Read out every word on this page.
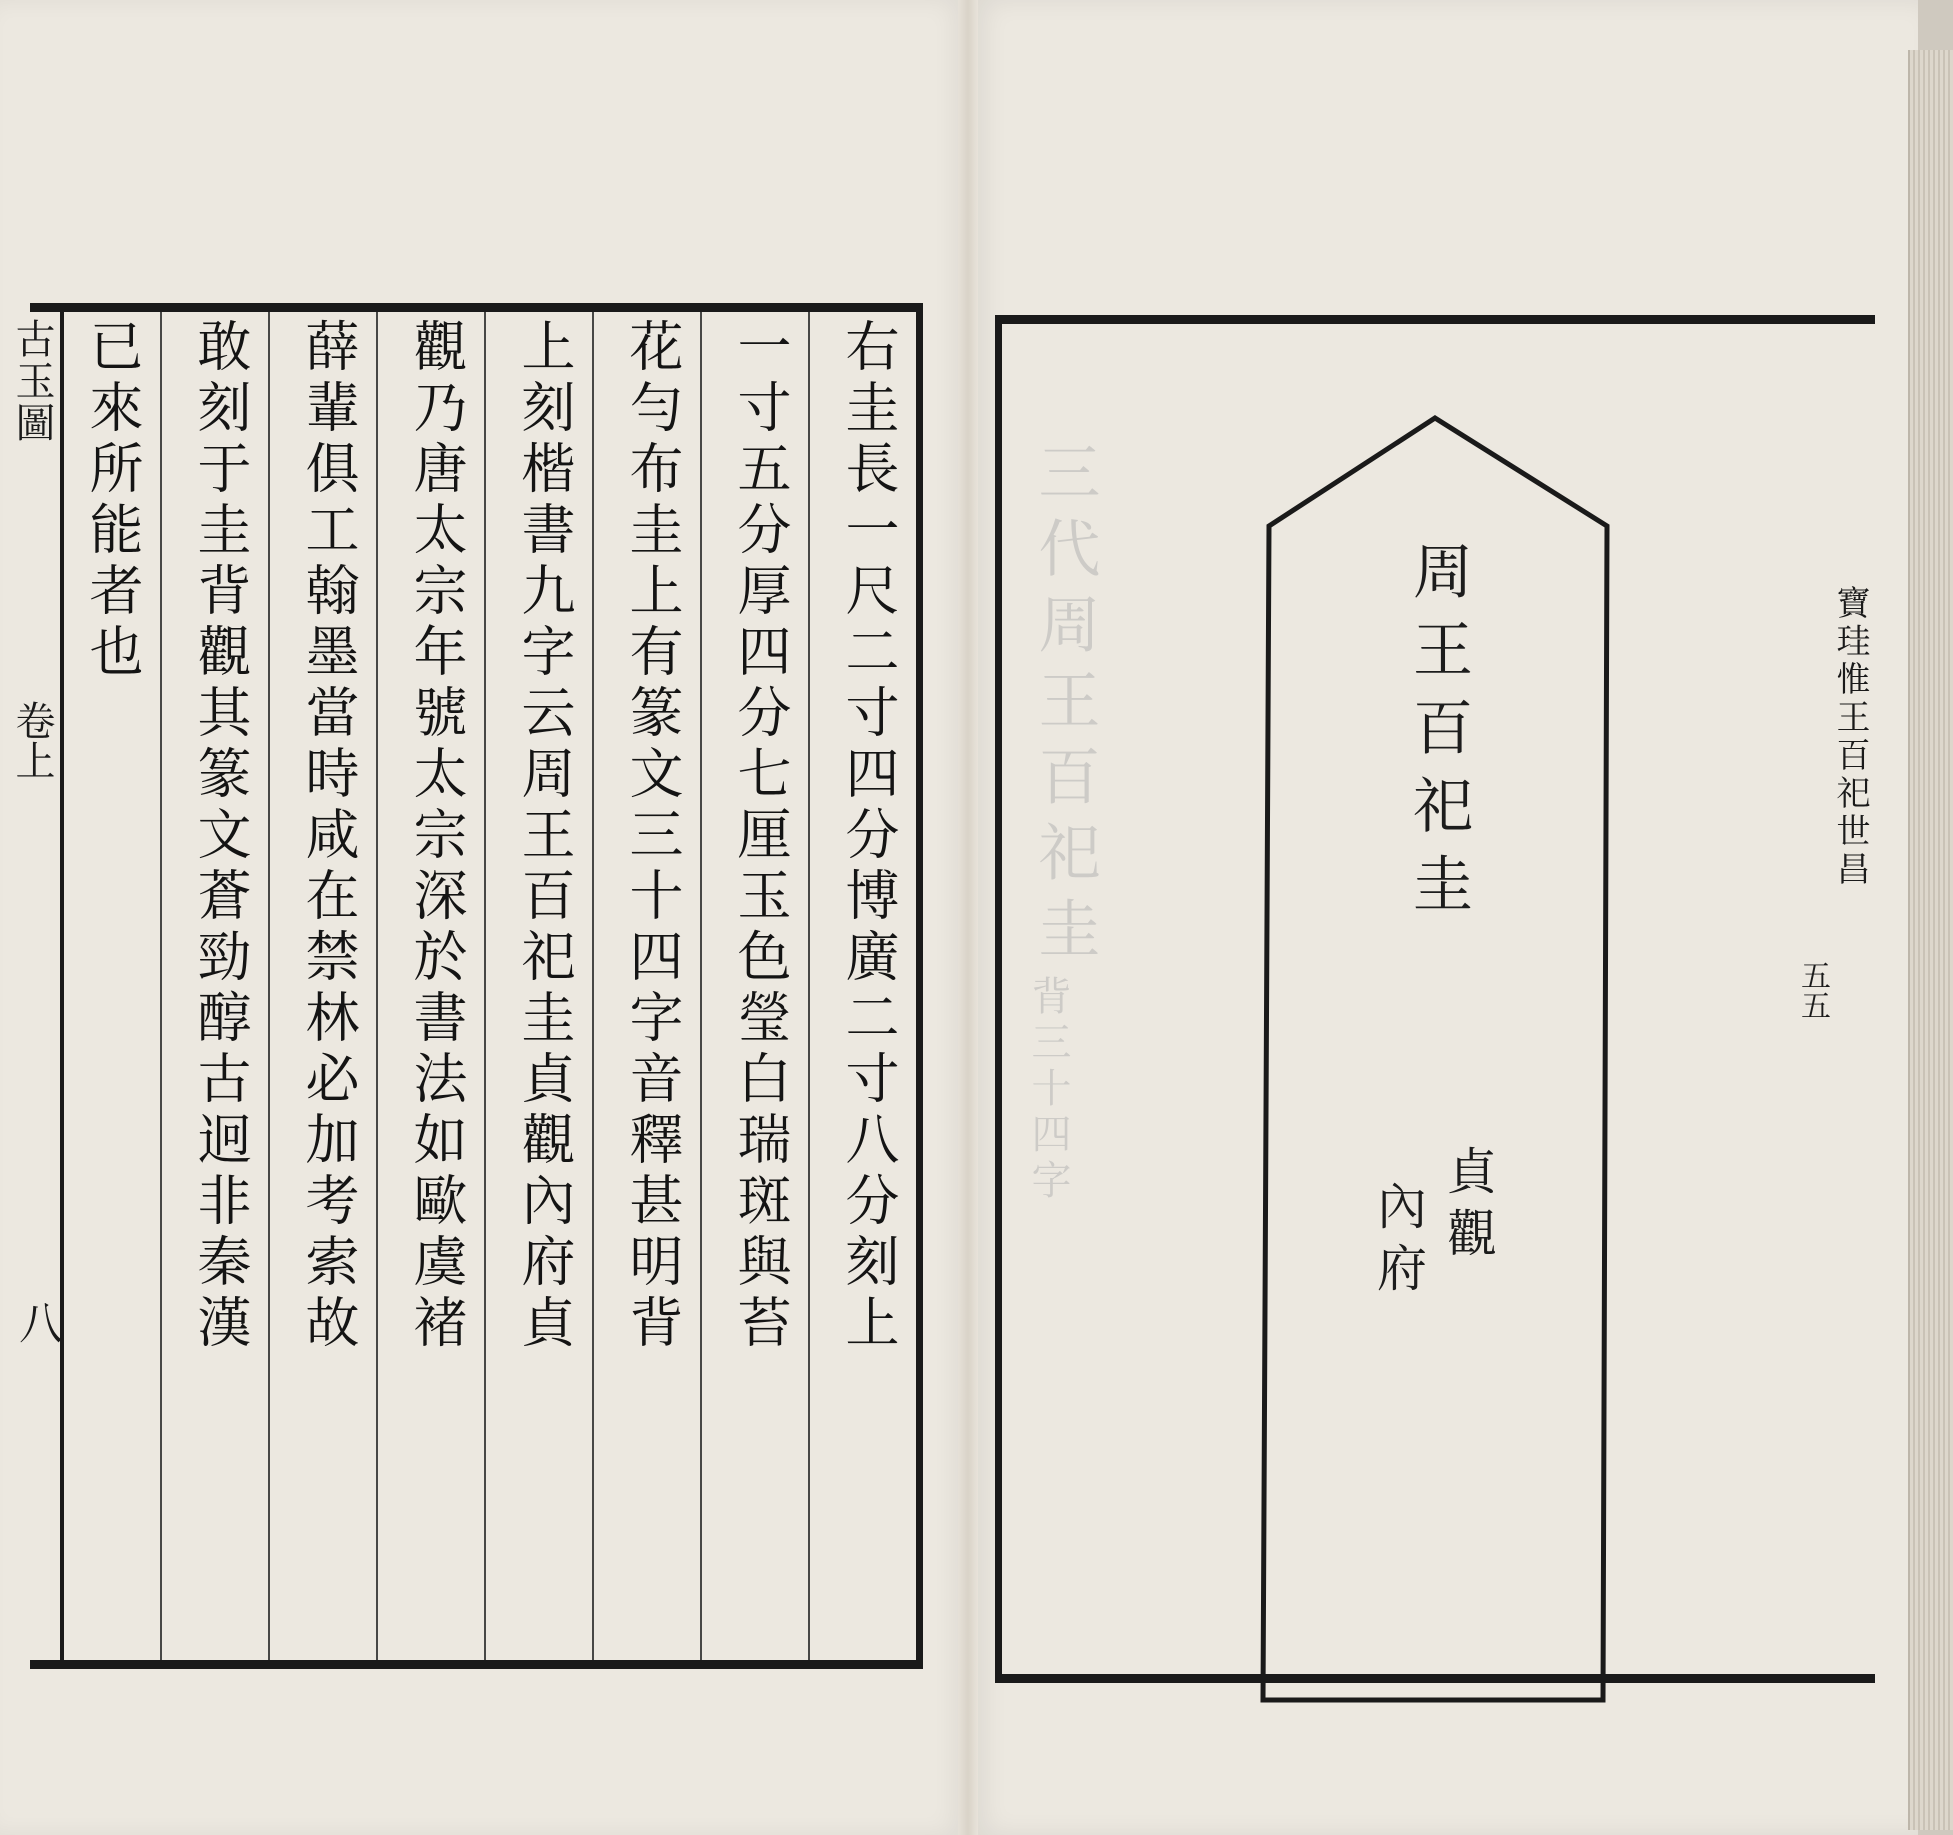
古玉圖
卷上
八	右圭長一尺二寸四分博廣二寸八分刻上
一寸五分厚四分七厘玉色瑩白瑞斑與苔
花勻布圭上有篆文三十四字音釋甚明背
上刻楷書九字云周王百祀圭貞觀內府貞
觀乃唐太宗年號太宗深於書法如歐虞褚
薛輩俱工翰墨當時咸在禁林必加考索故
敢刻于圭背觀其篆文蒼勁醇古迥非秦漢
已來所能者也	三代周王百祀圭
背三十四字
周王百祀圭
貞觀
內府
寶珪惟王百祀世昌
五五
